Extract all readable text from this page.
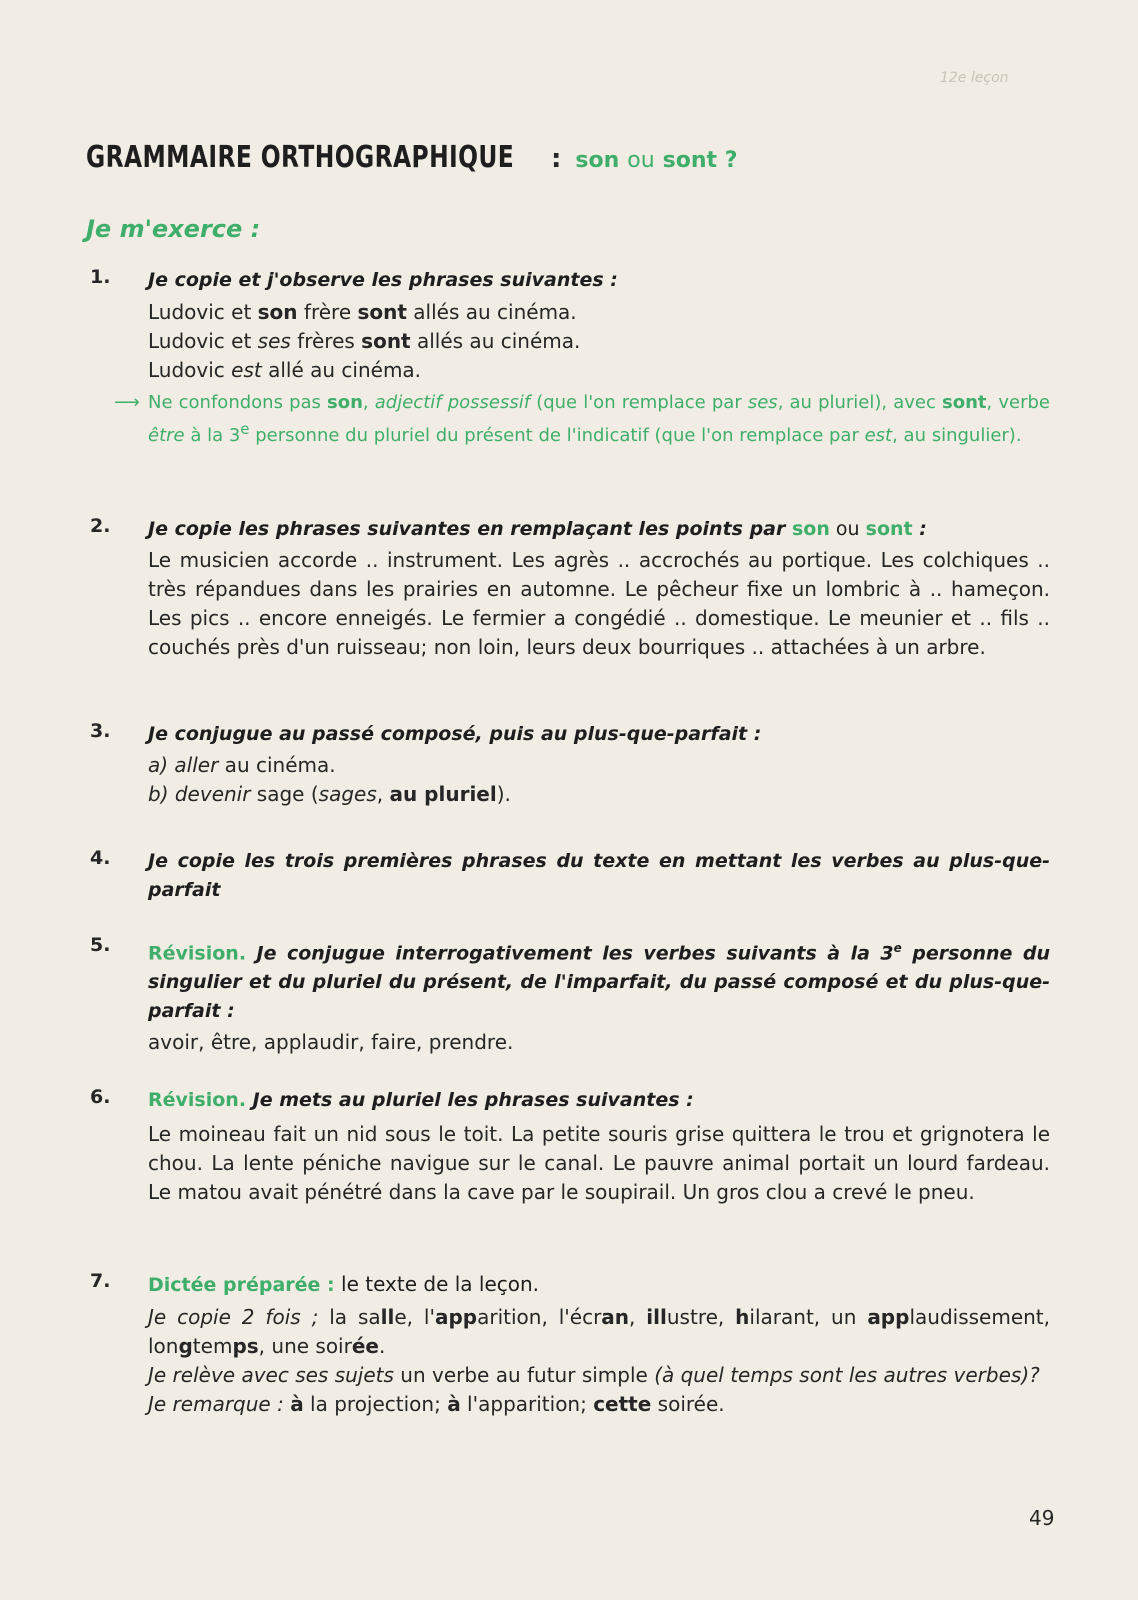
12e leçon
GRAMMAIRE ORTHOGRAPHIQUE : son ou sont ?
Je m'exerce :
1. Je copie et j'observe les phrases suivantes :

Ludovic et son frère sont allés au cinéma.

Ludovic et ses frères sont allés au cinéma.

Ludovic est allé au cinéma.

⟶ Ne confondons pas son, adjectif possessif (que l'on remplace par ses, au pluriel), avec sont, verbe être à la 3e personne du pluriel du présent de l'indicatif (que l'on remplace par est, au singulier).
2. Je copie les phrases suivantes en remplaçant les points par son ou sont :
Le musicien accorde .. instrument. Les agrès .. accrochés au portique. Les colchiques .. très répandues dans les prairies en automne. Le pêcheur fixe un lombric à .. hameçon. Les pics .. encore enneigés. Le fermier a congédié .. domestique. Le meunier et .. fils .. couchés près d'un ruisseau; non loin, leurs deux bourriques .. attachées à un arbre.
3. Je conjugue au passé composé, puis au plus-que-parfait :

a) aller au cinéma.

b) devenir sage (sages, au pluriel).

4. Je copie les trois premières phrases du texte en mettant les verbes au plus-que-parfait
5. Révision. Je conjugue interrogativement les verbes suivants à la 3e personne du singulier et du pluriel du présent, de l'imparfait, du passé composé et du plus-que-parfait :
avoir, être, applaudir, faire, prendre.
6. Révision. Je mets au pluriel les phrases suivantes :
Le moineau fait un nid sous le toit. La petite souris grise quittera le trou et grignotera le chou. La lente péniche navigue sur le canal. Le pauvre animal portait un lourd fardeau. Le matou avait pénétré dans la cave par le soupirail. Un gros clou a crevé le pneu.
7. Dictée préparée : le texte de la leçon.

Je copie 2 fois ; la salle, l'apparition, l'écran, illustre, hilarant, un applaudissement, longtemps, une soirée.

Je relève avec ses sujets un verbe au futur simple (à quel temps sont les autres verbes)?

Je remarque : à la projection; à l'apparition; cette soirée.

49
